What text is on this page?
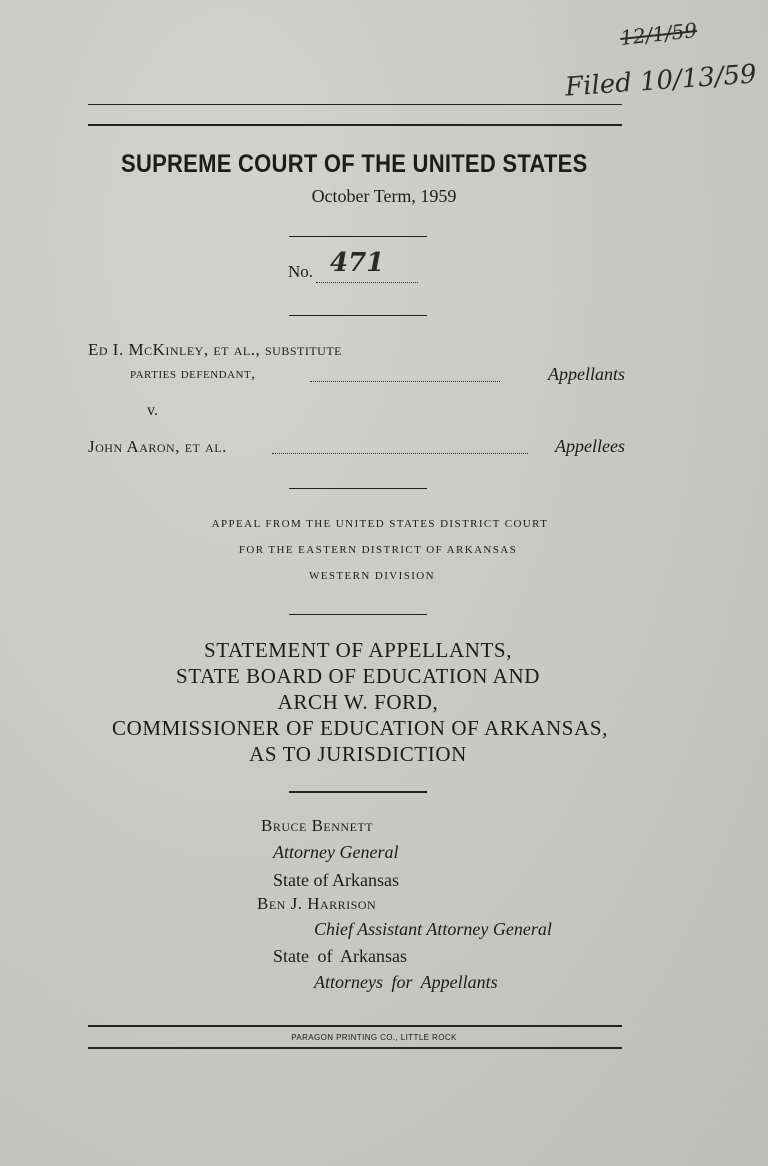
12/1/59
Filed 10/13/59
SUPREME COURT OF THE UNITED STATES
October Term, 1959
No. 471
Ed I. McKinley, et al., substitute
parties defendant,	Appellants
v.
John Aaron, et al.	Appellees
APPEAL FROM THE UNITED STATES DISTRICT COURT
FOR THE EASTERN DISTRICT OF ARKANSAS
WESTERN DIVISION
STATEMENT OF APPELLANTS,
STATE BOARD OF EDUCATION AND
ARCH W. FORD,
COMMISSIONER OF EDUCATION OF ARKANSAS,
AS TO JURISDICTION
Bruce Bennett
Attorney General
State of Arkansas
Ben J. Harrison
Chief Assistant Attorney General
State of Arkansas
Attorneys for Appellants
PARAGON PRINTING CO., LITTLE ROCK
